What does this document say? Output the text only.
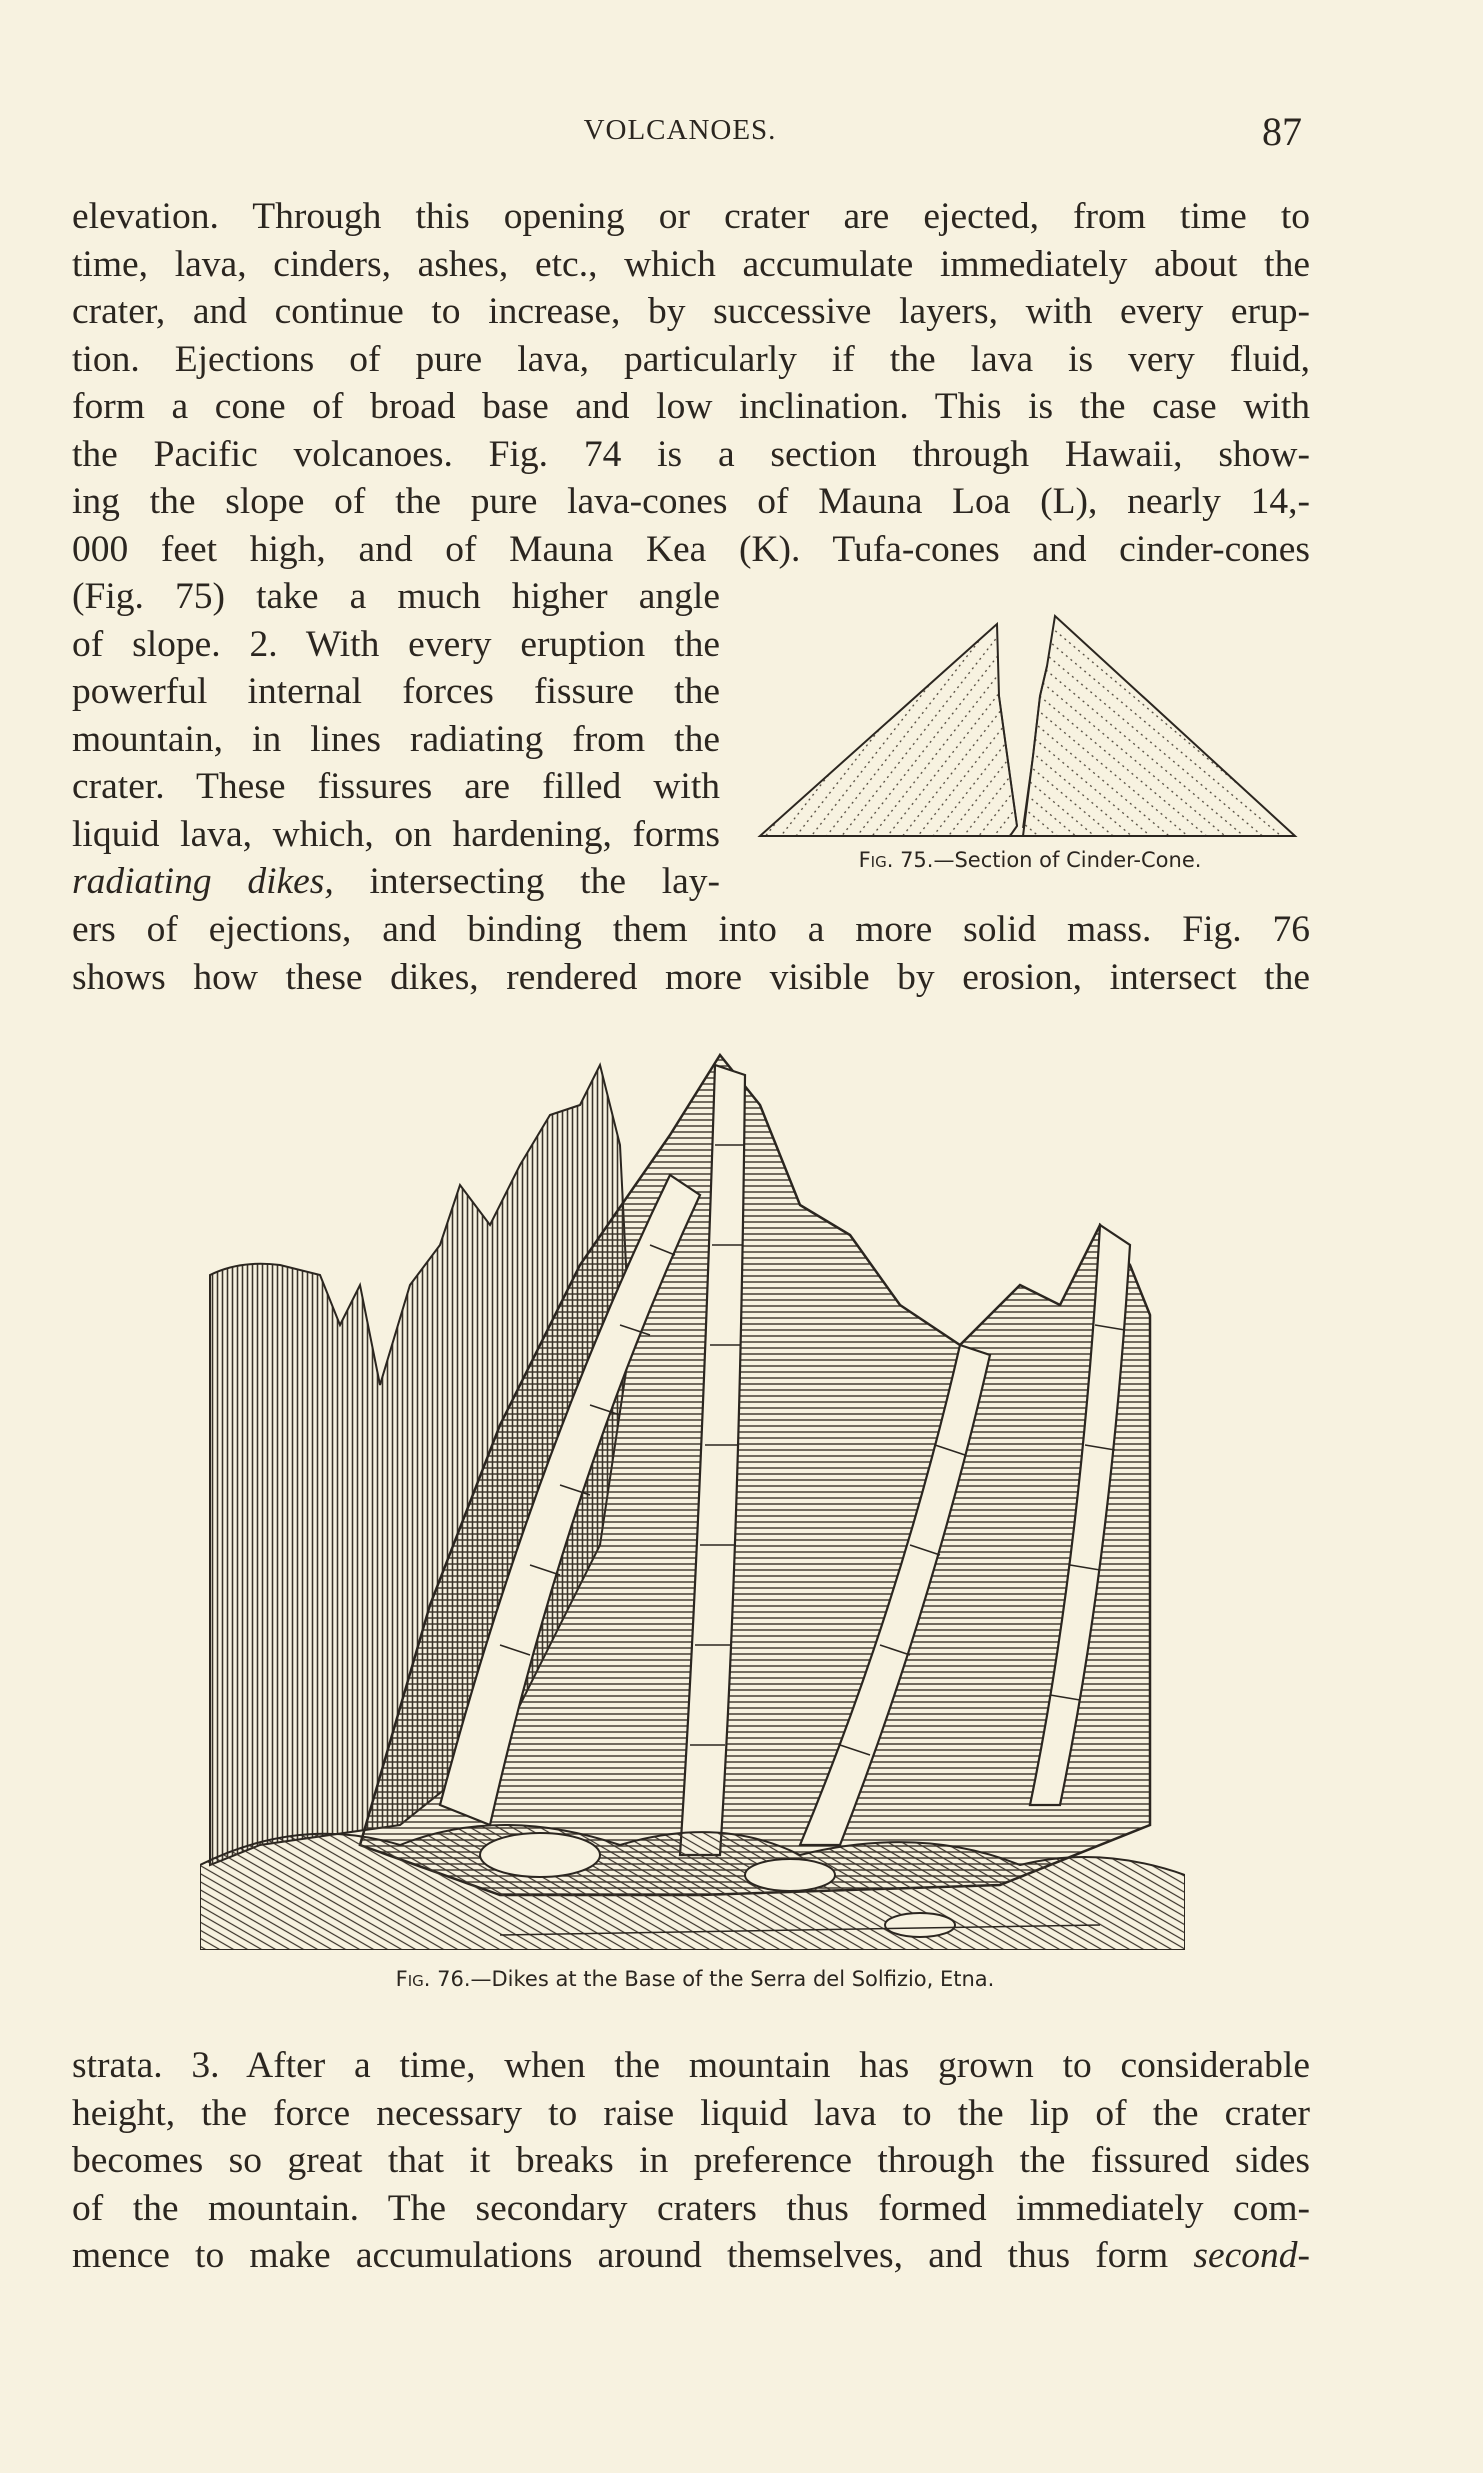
VOLCANOES.	87
elevation. Through this opening or crater are ejected, from time to
time, lava, cinders, ashes, etc., which accumulate immediately about the
crater, and continue to increase, by successive layers, with every erup-
tion. Ejections of pure lava, particularly if the lava is very fluid,
form a cone of broad base and low inclination. This is the case with
the Pacific volcanoes. Fig. 74 is a section through Hawaii, show-
ing the slope of the pure lava-cones of Mauna Loa (L), nearly 14,-
000 feet high, and of Mauna Kea (K). Tufa-cones and cinder-cones
(Fig. 75) take a much higher angle
of slope. 2. With every eruption the
powerful internal forces fissure the
mountain, in lines radiating from the
crater. These fissures are filled with
liquid lava, which, on hardening, forms
radiating dikes, intersecting the lay-
ers of ejections, and binding them into a more solid mass. Fig. 76
shows how these dikes, rendered more visible by erosion, intersect the
Fig. 75.—Section of Cinder-Cone.
Fig. 76.—Dikes at the Base of the Serra del Solfizio, Etna.
strata. 3. After a time, when the mountain has grown to considerable
height, the force necessary to raise liquid lava to the lip of the crater
becomes so great that it breaks in preference through the fissured sides
of the mountain. The secondary craters thus formed immediately com-
mence to make accumulations around themselves, and thus form second-
